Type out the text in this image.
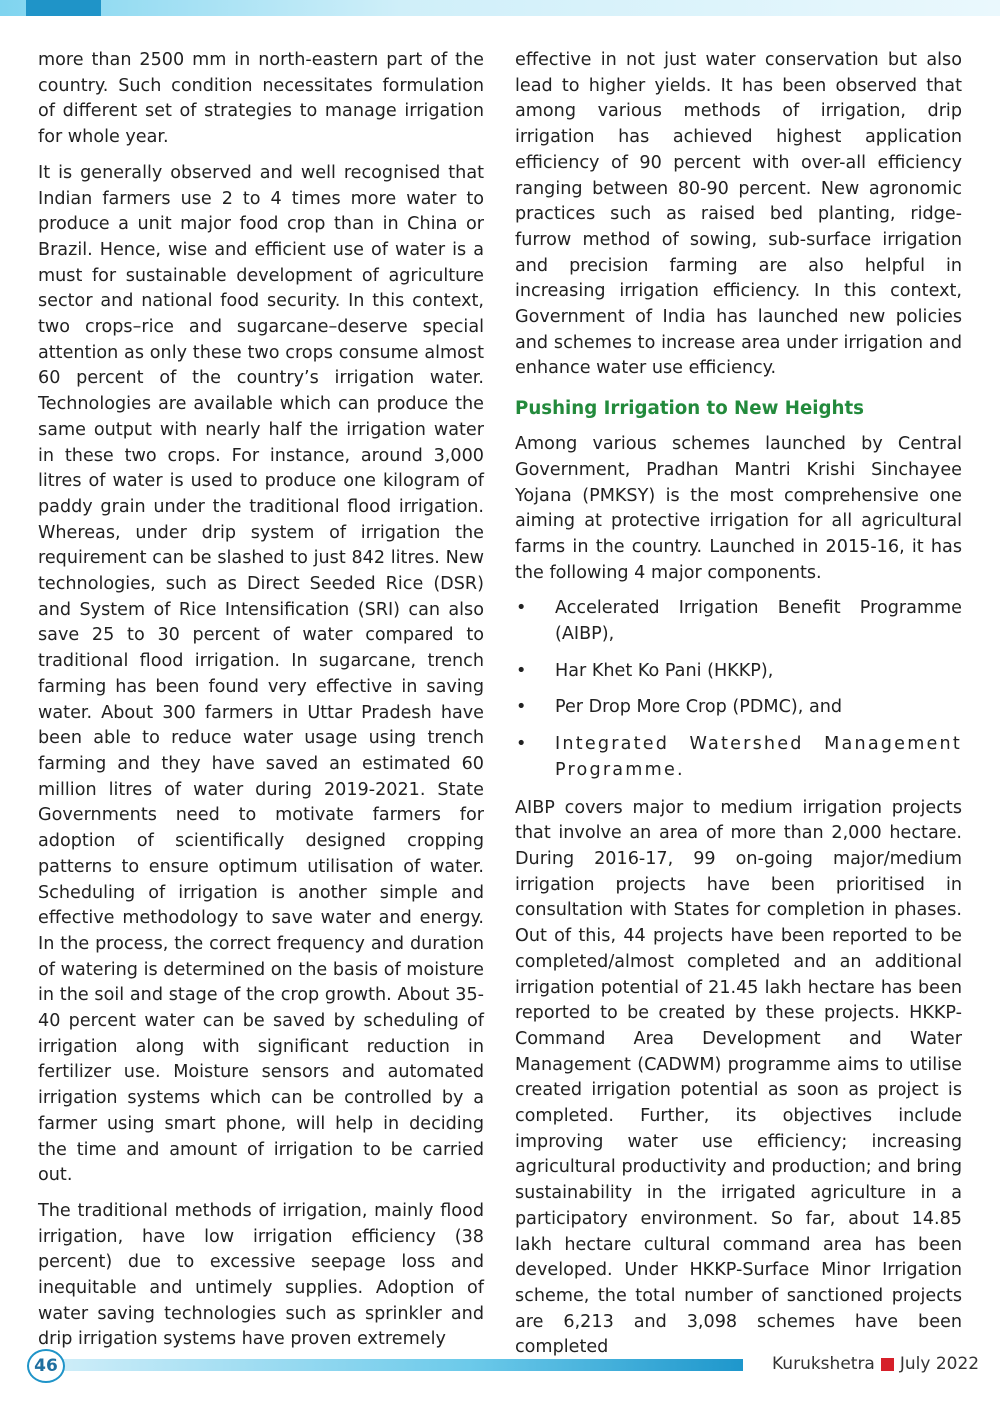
more than 2500 mm in north-eastern part of the country. Such condition necessitates formulation of different set of strategies to manage irrigation for whole year.

It is generally observed and well recognised that Indian farmers use 2 to 4 times more water to produce a unit major food crop than in China or Brazil. Hence, wise and efficient use of water is a must for sustainable development of agriculture sector and national food security. In this context, two crops–rice and sugarcane–deserve special attention as only these two crops consume almost 60 percent of the country’s irrigation water. Technologies are available which can produce the same output with nearly half the irrigation water in these two crops. For instance, around 3,000 litres of water is used to produce one kilogram of paddy grain under the traditional flood irrigation. Whereas, under drip system of irrigation the requirement can be slashed to just 842 litres. New technologies, such as Direct Seeded Rice (DSR) and System of Rice Intensification (SRI) can also save 25 to 30 percent of water compared to traditional flood irrigation. In sugarcane, trench farming has been found very effective in saving water. About 300 farmers in Uttar Pradesh have been able to reduce water usage using trench farming and they have saved an estimated 60 million litres of water during 2019-2021. State Governments need to motivate farmers for adoption of scientifically designed cropping patterns to ensure optimum utilisation of water. Scheduling of irrigation is another simple and effective methodology to save water and energy. In the process, the correct frequency and duration of watering is determined on the basis of moisture in the soil and stage of the crop growth. About 35-40 percent water can be saved by scheduling of irrigation along with significant reduction in fertilizer use. Moisture sensors and automated irrigation systems which can be controlled by a farmer using smart phone, will help in deciding the time and amount of irrigation to be carried out.

The traditional methods of irrigation, mainly flood irrigation, have low irrigation efficiency (38 percent) due to excessive seepage loss and inequitable and untimely supplies. Adoption of water saving technologies such as sprinkler and drip irrigation systems have proven extremely

effective in not just water conservation but also lead to higher yields. It has been observed that among various methods of irrigation, drip irrigation has achieved highest application efficiency of 90 percent with over-all efficiency ranging between 80-90 percent. New agronomic practices such as raised bed planting, ridge-furrow method of sowing, sub-surface irrigation and precision farming are also helpful in increasing irrigation efficiency. In this context, Government of India has launched new policies and schemes to increase area under irrigation and enhance water use efficiency.

Pushing Irrigation to New Heights

Among various schemes launched by Central Government, Pradhan Mantri Krishi Sinchayee Yojana (PMKSY) is the most comprehensive one aiming at protective irrigation for all agricultural farms in the country. Launched in 2015-16, it has the following 4 major components.

• Accelerated Irrigation Benefit Programme (AIBP),
• Har Khet Ko Pani (HKKP),
• Per Drop More Crop (PDMC), and
• Integrated Watershed Management Programme.

AIBP covers major to medium irrigation projects that involve an area of more than 2,000 hectare. During 2016-17, 99 on-going major/medium irrigation projects have been prioritised in consultation with States for completion in phases. Out of this, 44 projects have been reported to be completed/almost completed and an additional irrigation potential of 21.45 lakh hectare has been reported to be created by these projects. HKKP-Command Area Development and Water Management (CADWM) programme aims to utilise created irrigation potential as soon as project is completed. Further, its objectives include improving water use efficiency; increasing agricultural productivity and production; and bring sustainability in the irrigated agriculture in a participatory environment. So far, about 14.85 lakh hectare cultural command area has been developed. Under HKKP-Surface Minor Irrigation scheme, the total number of sanctioned projects are 6,213 and 3,098 schemes have been completed

46	Kurukshetra July 2022
